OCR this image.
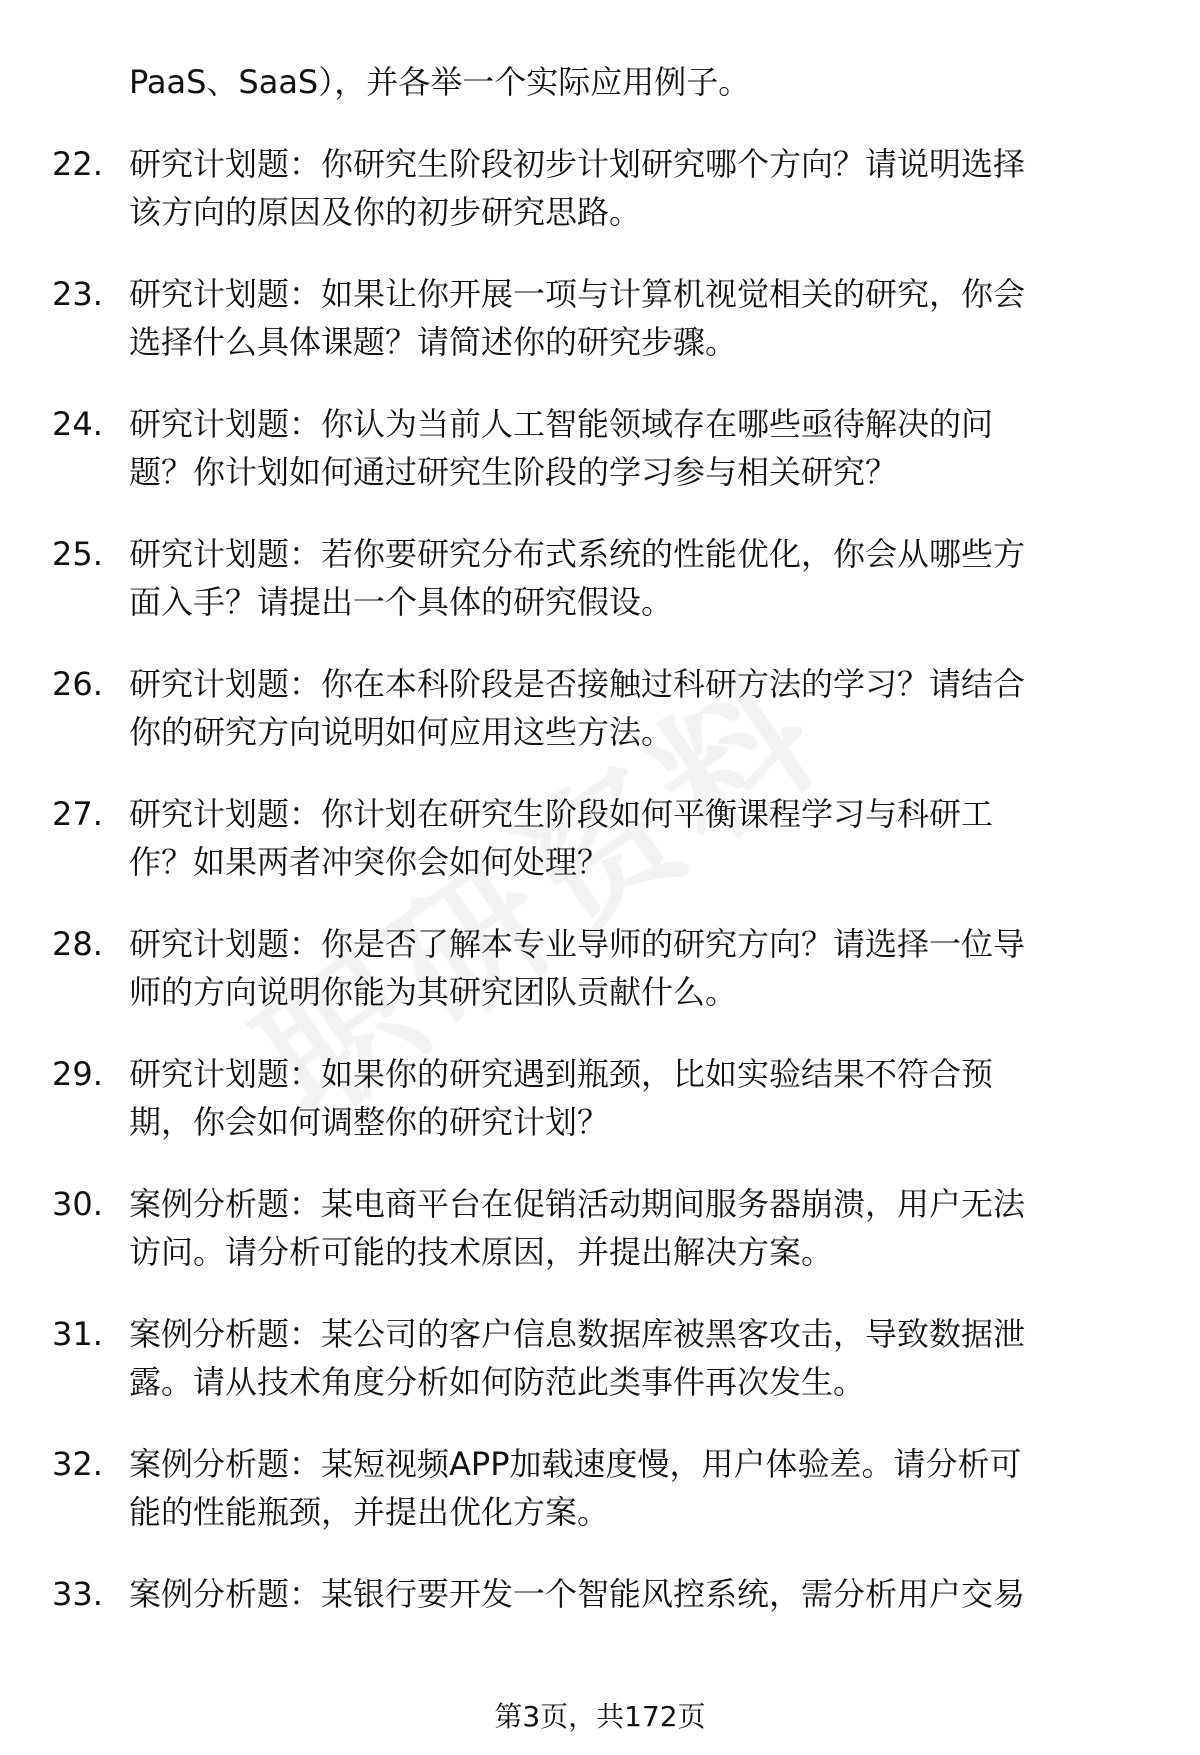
PaaS、SaaS），并各举一个实际应用例子。
22. 研究计划题：你研究生阶段初步计划研究哪个方向？请说明选择
该方向的原因及你的初步研究思路。
23. 研究计划题：如果让你开展一项与计算机视觉相关的研究，你会
选择什么具体课题？请简述你的研究步骤。
24. 研究计划题：你认为当前人工智能领域存在哪些亟待解决的问
题？你计划如何通过研究生阶段的学习参与相关研究？
25. 研究计划题：若你要研究分布式系统的性能优化，你会从哪些方
面入手？请提出一个具体的研究假设。
26. 研究计划题：你在本科阶段是否接触过科研方法的学习？请结合
你的研究方向说明如何应用这些方法。
27. 研究计划题：你计划在研究生阶段如何平衡课程学习与科研工
作？如果两者冲突你会如何处理？
28. 研究计划题：你是否了解本专业导师的研究方向？请选择一位导
师的方向说明你能为其研究团队贡献什么。
29. 研究计划题：如果你的研究遇到瓶颈，比如实验结果不符合预
期，你会如何调整你的研究计划？
30. 案例分析题：某电商平台在促销活动期间服务器崩溃，用户无法
访问。请分析可能的技术原因，并提出解决方案。
31. 案例分析题：某公司的客户信息数据库被黑客攻击，导致数据泄
露。请从技术角度分析如何防范此类事件再次发生。
32. 案例分析题：某短视频APP加载速度慢，用户体验差。请分析可
能的性能瓶颈，并提出优化方案。
33. 案例分析题：某银行要开发一个智能风控系统，需分析用户交易
第3页，共172页
